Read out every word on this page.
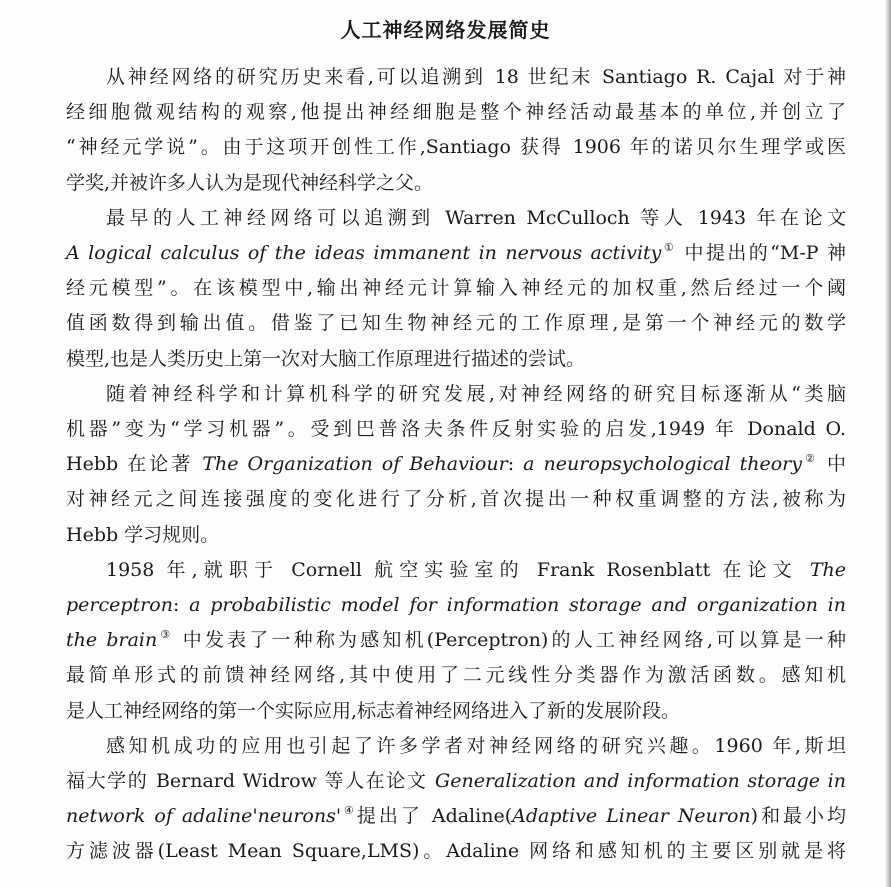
人工神经网络发展简史
从神经网络的研究历史来看,可以追溯到 18 世纪末 Santiago R. Cajal 对于神
经细胞微观结构的观察,他提出神经细胞是整个神经活动最基本的单位,并创立了
“神经元学说”。由于这项开创性工作,Santiago 获得 1906 年的诺贝尔生理学或医
学奖,并被许多人认为是现代神经科学之父。
最早的人工神经网络可以追溯到 Warren McCulloch 等人 1943 年在论文
A logical calculus of the ideas immanent in nervous activity① 中提出的“M-P 神
经元模型”。在该模型中,输出神经元计算输入神经元的加权重,然后经过一个阈
值函数得到输出值。借鉴了已知生物神经元的工作原理,是第一个神经元的数学
模型,也是人类历史上第一次对大脑工作原理进行描述的尝试。
随着神经科学和计算机科学的研究发展,对神经网络的研究目标逐渐从“类脑
机器”变为“学习机器”。受到巴普洛夫条件反射实验的启发,1949 年 Donald O.
Hebb 在论著 The Organization of Behaviour: a neuropsychological theory② 中
对神经元之间连接强度的变化进行了分析,首次提出一种权重调整的方法,被称为
Hebb 学习规则。
1958 年,就职于 Cornell 航空实验室的 Frank Rosenblatt 在论文 The
perceptron: a probabilistic model for information storage and organization in
the brain③ 中发表了一种称为感知机(Perceptron)的人工神经网络,可以算是一种
最简单形式的前馈神经网络,其中使用了二元线性分类器作为激活函数。感知机
是人工神经网络的第一个实际应用,标志着神经网络进入了新的发展阶段。
感知机成功的应用也引起了许多学者对神经网络的研究兴趣。1960 年,斯坦
福大学的 Bernard Widrow 等人在论文 Generalization and information storage in
network of adaline'neurons'④提出了 Adaline(Adaptive Linear Neuron)和最小均
方滤波器(Least Mean Square,LMS)。Adaline 网络和感知机的主要区别就是将
